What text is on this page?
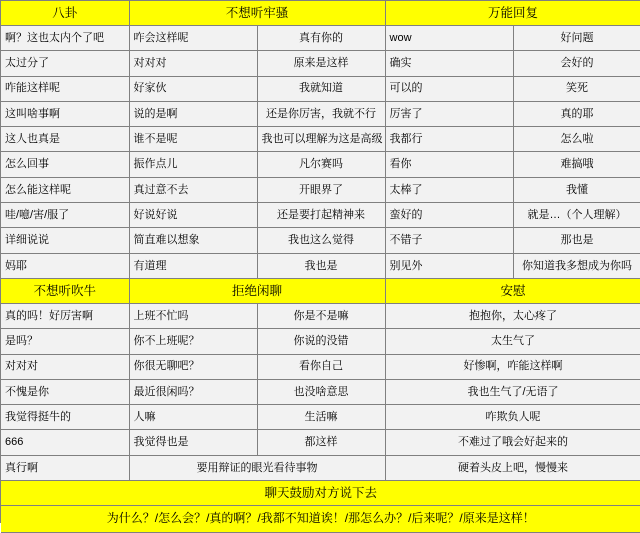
八卦	不想听牢骚		万能回复	
啊？这也太内个了吧	咋会这样呢	真有你的	wow	好问题
太过分了	对对对	原来是这样	确实	会好的
咋能这样呢	好家伙	我就知道	可以的	笑死
这叫啥事啊	说的是啊	还是你厉害，我就不行	厉害了	真的耶
这人也真是	谁不是呢	我也可以理解为这是高级	我都行	怎么啦
怎么回事	振作点儿	凡尔赛吗	看你	难搞哦
怎么能这样呢	真过意不去	开眼界了	太棒了	我懂
哇/噫/害/服了	好说好说	还是要打起精神来	蛮好的	就是…（个人理解）
详细说说	简直难以想象	我也这么觉得	不错子	那也是
妈耶	有道理	我也是	别见外	你知道我多想成为你吗
不想听吹牛	拒绝闲聊		安慰	
真的吗！好厉害啊	上班不忙吗	你是不是嘛	抱抱你，太心疼了	
是吗？	你不上班呢？	你说的没错	太生气了	
对对对	你很无聊吧？	看你自己	好惨啊，咋能这样啊	
不愧是你	最近很闲吗？	也没啥意思	我也生气了/无语了	
我觉得挺牛的	人嘛	生活嘛	咋欺负人呢	
666	我觉得也是	都这样	不难过了哦会好起来的	
真行啊	要用辩证的眼光看待事物		硬着头皮上吧，慢慢来	
聊天鼓励对方说下去				
为什么？/怎么会？/真的啊？/我都不知道诶！/那怎么办？/后来呢？/原来是这样！				
